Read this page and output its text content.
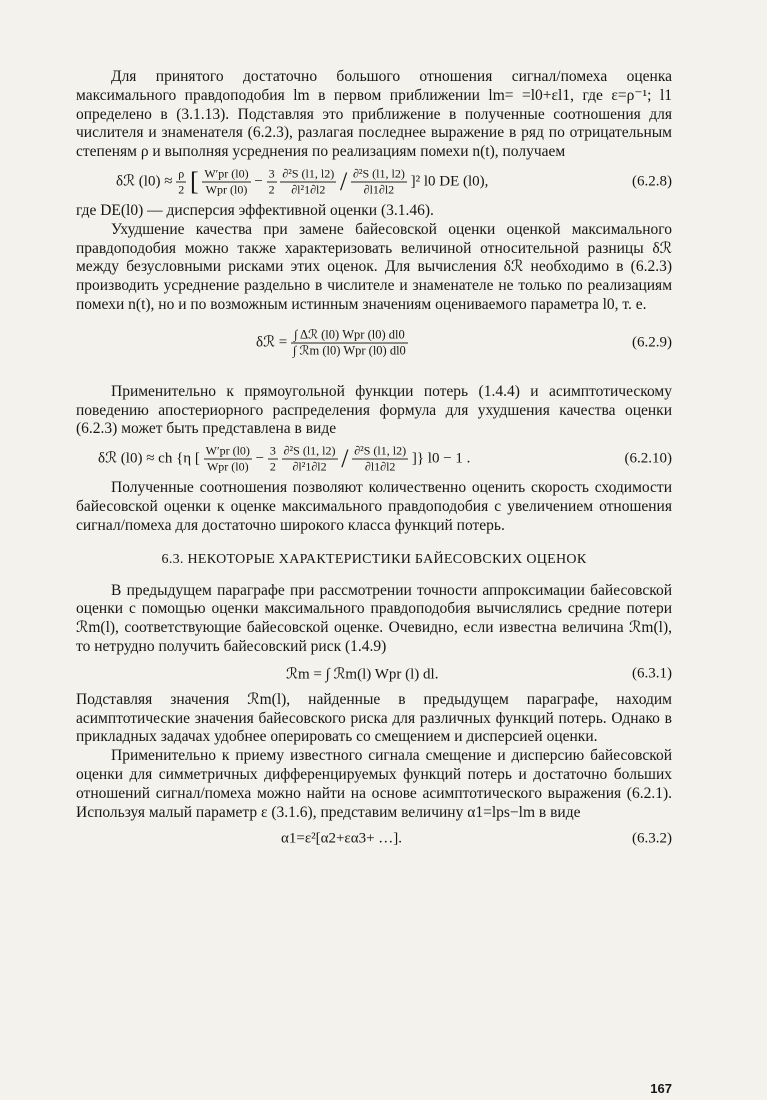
Для принятого достаточно большого отношения сигнал/помеха оценка максимального правдоподобия lm в первом приближении lm= =l0+εl1, где ε=ρ⁻¹; l1 определено в (3.1.13). Подставляя это приближение в полученные соотношения для числителя и знаменателя (6.2.3), разлагая последнее выражение в ряд по отрицательным степеням ρ и выполняя усреднения по реализациям помехи n(t), получаем

δℛ $(l0) \approx \frac{\rho}{2}$ [ $\frac{W'pr (l0)}{\text{Wpr (l0)}} - \frac{3}{2}$
$\frac{\text{∂²S (l1, l2)}}{\text{∂l²1∂l2}} / \frac{\text{∂²S (l1, l2)}}{\partial l1\partial l2} ]^2$ l0 DE (l0),	(6.2.8)

где DE(l0) — дисперсия эффективной оценки (3.1.46).

Ухудшение качества при замене байесовской оценки оценкой максимального правдоподобия можно также характеризовать величиной относительной разницы δℛ между безусловными рисками этих оценок. Для вычисления δℛ необходимо в (6.2.3) производить усреднение раздельно в числителе и знаменателе не только по реализациям помехи n(t), но и по возможным истинным значениям оцениваемого параметра l0, т. е.

δℛ = $\frac{\text{∫ Δℛ (l0) Wpr (l0) dl0}}{\text{∫ ℛm (l0) Wpr (l0) dl0}}$	(6.2.9)

Применительно к прямоугольной функции потерь (1.4.4) и асимптотическому поведению апостериорного распределения формула для ухудшения качества оценки (6.2.3) может быть представлена в виде

δℛ (l0) ≈ ch {η [ $\frac{W'pr (l0)}{\text{Wpr (l0)}} - \frac{3}{2}$
$\frac{\text{∂²S (l1, l2)}}{\text{∂l²1∂l2}} / \frac{\text{∂²S (l1, l2)}}{\partial l1\partial l2}$ ]} l0 − 1 .	(6.2.10)

Полученные соотношения позволяют количественно оценить скорость сходимости байесовской оценки к оценке максимального правдоподобия с увеличением отношения сигнал/помеха для достаточно широкого класса функций потерь.

6.3. НЕКОТОРЫЕ ХАРАКТЕРИСТИКИ БАЙЕСОВСКИХ ОЦЕНОК

В предыдущем параграфе при рассмотрении точности аппроксимации байесовской оценки с помощью оценки максимального правдоподобия вычислялись средние потери ℛm(l), соответствующие байесовской оценке. Очевидно, если известна величина ℛm(l), то нетрудно получить байесовский риск (1.4.9)

ℛm = ∫ ℛm(l) Wpr (l) dl.	(6.3.1)

Подставляя значения ℛm(l), найденные в предыдущем параграфе, находим асимптотические значения байесовского риска для различных функций потерь. Однако в прикладных задачах удобнее оперировать со смещением и дисперсией оценки.

Применительно к приему известного сигнала смещение и дисперсию байесовской оценки для симметричных дифференцируемых функций потерь и достаточно больших отношений сигнал/помеха можно найти на основе асимптотического выражения (6.2.1). Используя малый параметр ε (3.1.6), представим величину α1=lps−lm в виде

α1=ε²[α2+εα3+ …].	(6.3.2)
167
